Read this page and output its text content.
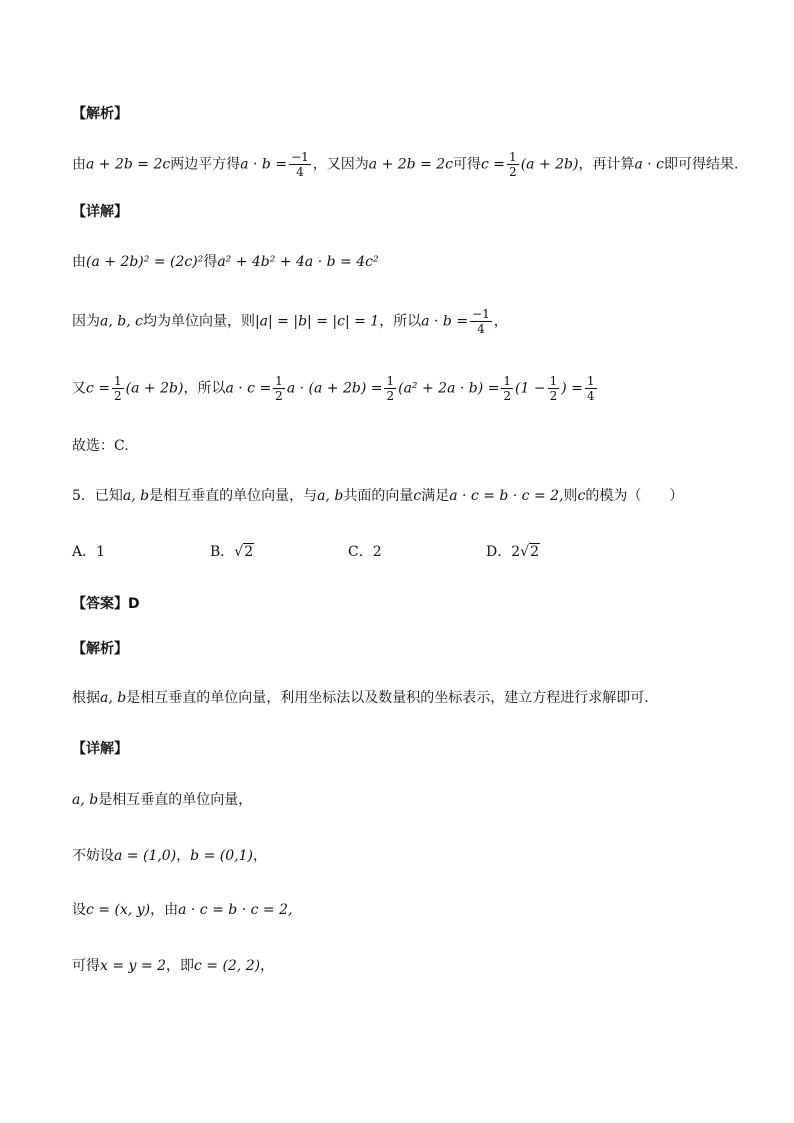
【解析】
由a + 2b = 2c两边平方得$a \cdot b = \frac{-1}{4}$ ，又因为a + 2b = 2c可得$c = \frac{1}{2} (a + 2b)$，再计算a · c即可得结果.
【详解】
由(a + 2b)² = (2c)²得a² + 4b² + 4a · b = 4c²
因为a, b, c均为单位向量，则|a| = |b| = |c| = 1，所以$a \cdot b = \frac{-1}{4}$ ，
又$c = \frac{1}{2} (a + 2b)$，所以$a \cdot c = \frac{1}{2}$ $a \cdot (a + 2b) = \frac{1}{2} (a^2 + 2a \cdot b) = \frac{1}{2} (1 - \frac{1}{2}$ ) = $\frac{1}{4}$
故选：C.
5．已知a, b是相互垂直的单位向量，与a, b共面的向量c满足a · c = b · c = 2,则c的模为（　　）
A．1	B．√2	C．2	D．2√2
【答案】D
【解析】
根据a, b是相互垂直的单位向量，利用坐标法以及数量积的坐标表示，建立方程进行求解即可.
【详解】
a, b是相互垂直的单位向量，
不妨设a = (1,0)，b = (0,1)，
设c = (x, y)，由a · c = b · c = 2,
可得x = y = 2，即c = (2, 2)，
